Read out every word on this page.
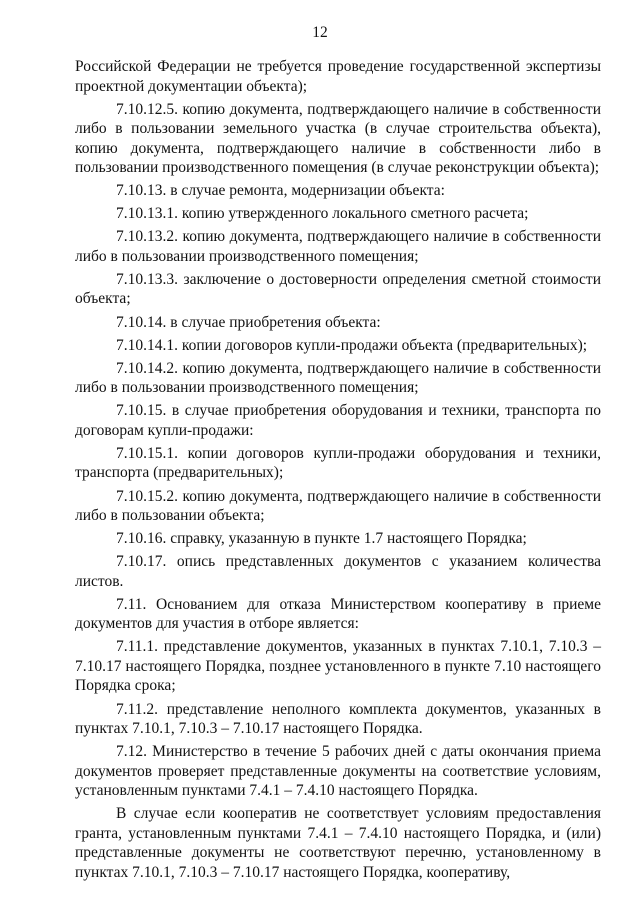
12

Российской Федерации не требуется проведение государственной экспертизы проектной документации объекта);

7.10.12.5. копию документа, подтверждающего наличие в собственности либо в пользовании земельного участка (в случае строительства объекта), копию документа, подтверждающего наличие в собственности либо в пользовании производственного помещения (в случае реконструкции объекта);

7.10.13. в случае ремонта, модернизации объекта:

7.10.13.1. копию утвержденного локального сметного расчета;

7.10.13.2. копию документа, подтверждающего наличие в собственности либо в пользовании производственного помещения;

7.10.13.3. заключение о достоверности определения сметной стоимости объекта;

7.10.14. в случае приобретения объекта:

7.10.14.1. копии договоров купли-продажи объекта (предварительных);

7.10.14.2. копию документа, подтверждающего наличие в собственности либо в пользовании производственного помещения;

7.10.15. в случае приобретения оборудования и техники, транспорта по договорам купли-продажи:

7.10.15.1. копии договоров купли-продажи оборудования и техники, транспорта (предварительных);

7.10.15.2. копию документа, подтверждающего наличие в собственности либо в пользовании объекта;

7.10.16. справку, указанную в пункте 1.7 настоящего Порядка;

7.10.17. опись представленных документов с указанием количества листов.

7.11. Основанием для отказа Министерством кооперативу в приеме документов для участия в отборе является:

7.11.1. представление документов, указанных в пунктах 7.10.1, 7.10.3 – 7.10.17 настоящего Порядка, позднее установленного в пункте 7.10 настоящего Порядка срока;

7.11.2. представление неполного комплекта документов, указанных в пунктах 7.10.1, 7.10.3 – 7.10.17 настоящего Порядка.

7.12. Министерство в течение 5 рабочих дней с даты окончания приема документов проверяет представленные документы на соответствие условиям, установленным пунктами 7.4.1 – 7.4.10 настоящего Порядка.

В случае если кооператив не соответствует условиям предоставления гранта, установленным пунктами 7.4.1 – 7.4.10 настоящего Порядка, и (или) представленные документы не соответствуют перечню, установленному в пунктах 7.10.1, 7.10.3 – 7.10.17 настоящего Порядка, кооперативу,
